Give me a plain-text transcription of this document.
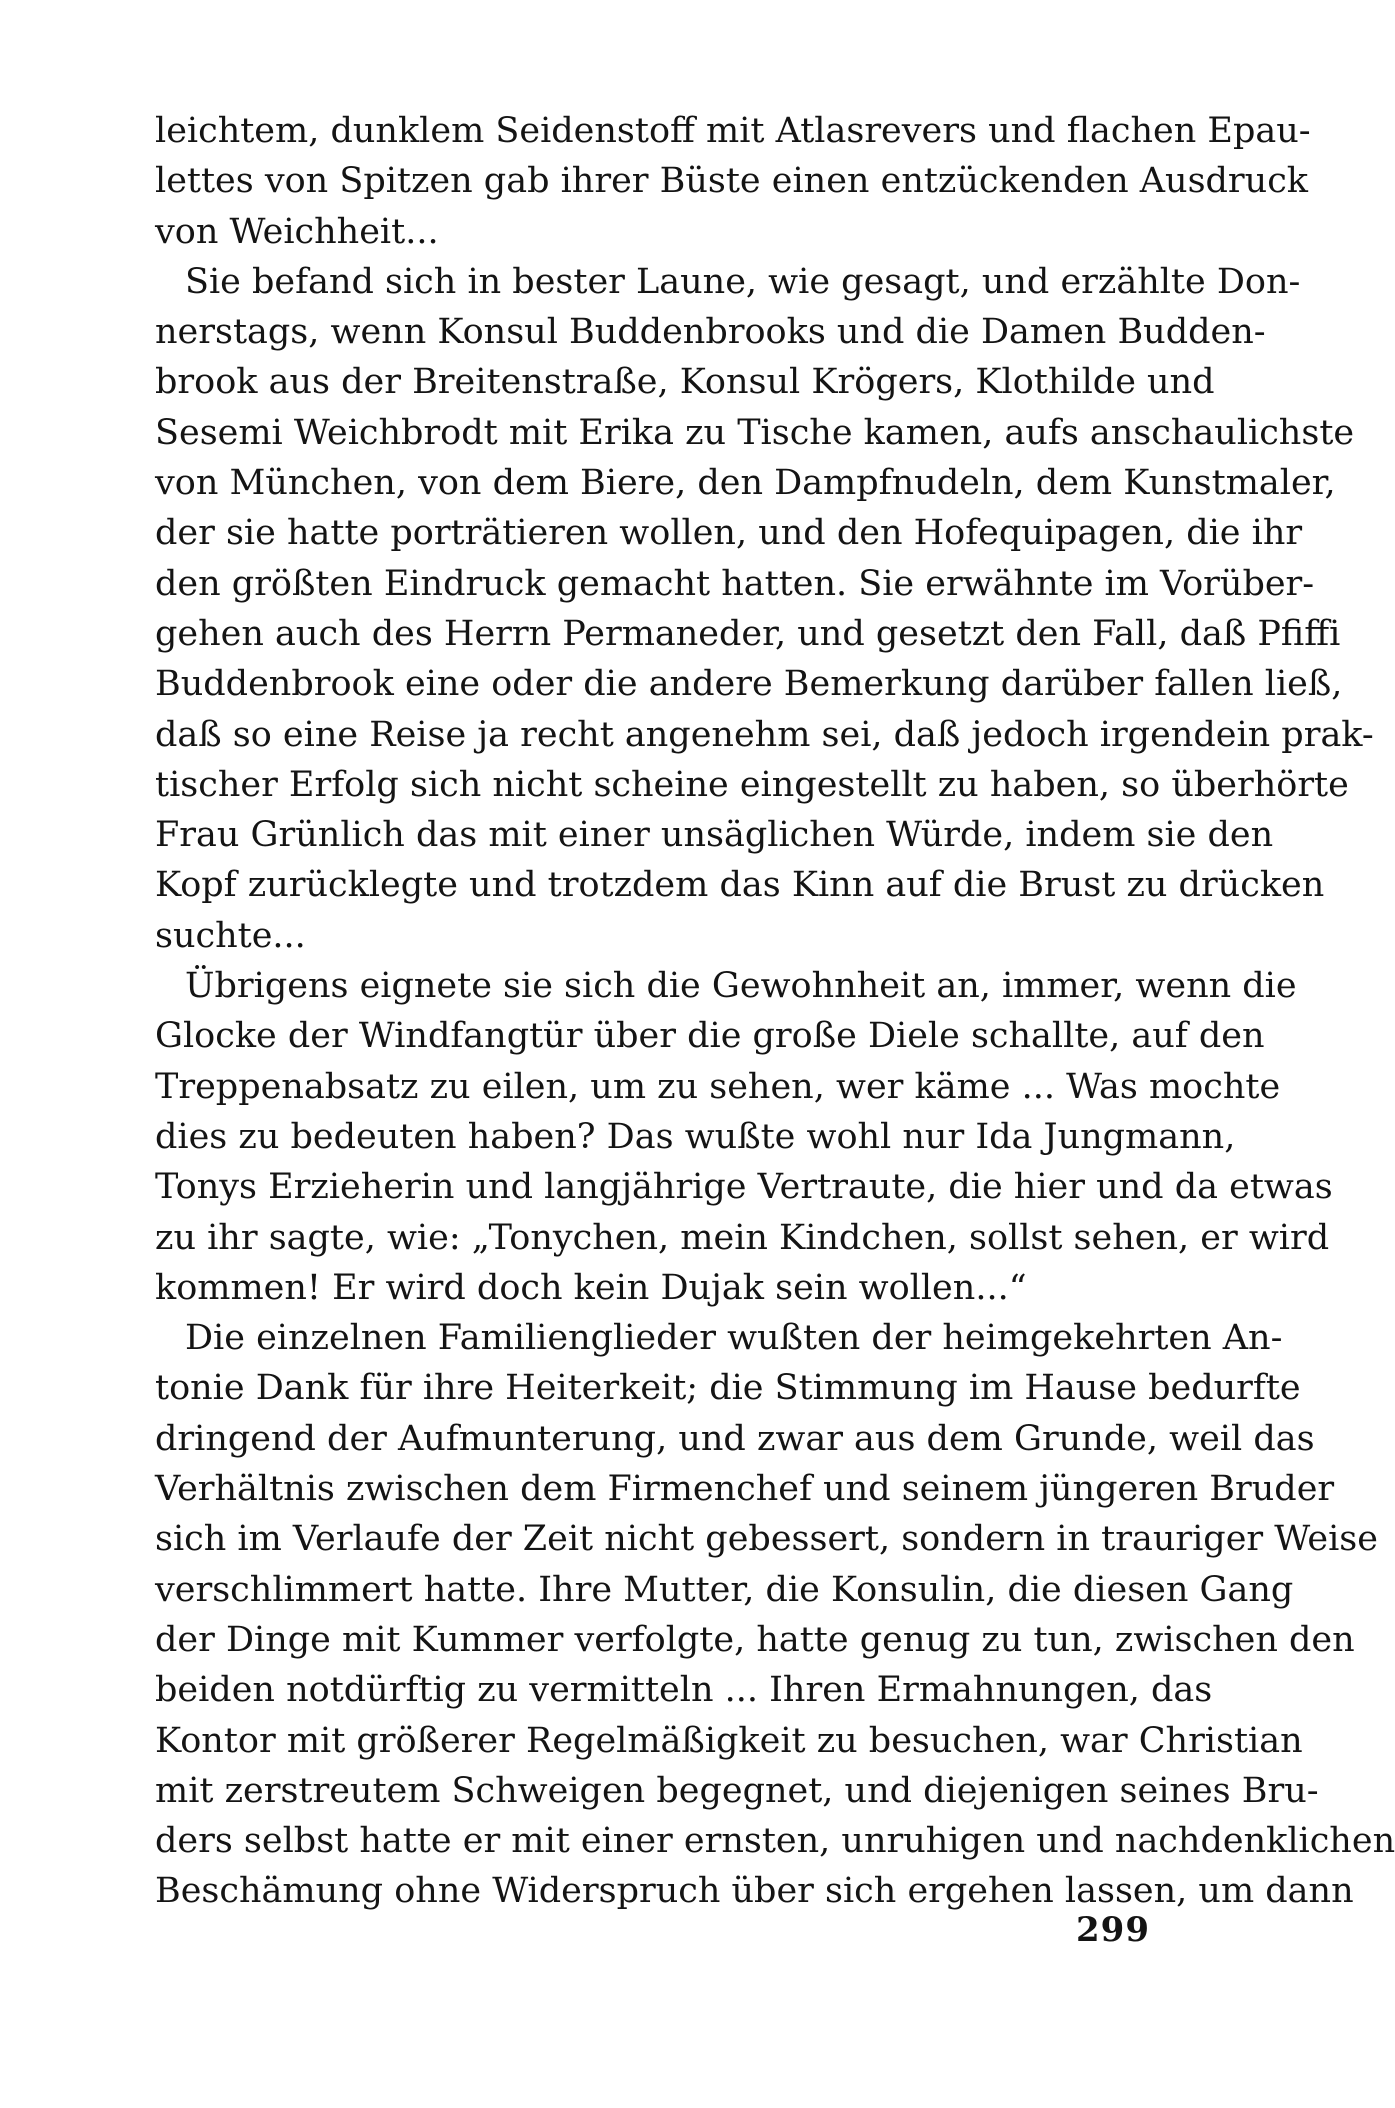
leichtem, dunklem Seidenstoff mit Atlasrevers und flachen Epau-
lettes von Spitzen gab ihrer Büste einen entzückenden Ausdruck
von Weichheit...
Sie befand sich in bester Laune, wie gesagt, und erzählte Don-
nerstags, wenn Konsul Buddenbrooks und die Damen Budden-
brook aus der Breitenstraße, Konsul Krögers, Klothilde und
Sesemi Weichbrodt mit Erika zu Tische kamen, aufs anschaulichste
von München, von dem Biere, den Dampfnudeln, dem Kunstmaler,
der sie hatte porträtieren wollen, und den Hofequipagen, die ihr
den größten Eindruck gemacht hatten. Sie erwähnte im Vorüber-
gehen auch des Herrn Permaneder, und gesetzt den Fall, daß Pfiffi
Buddenbrook eine oder die andere Bemerkung darüber fallen ließ,
daß so eine Reise ja recht angenehm sei, daß jedoch irgendein prak-
tischer Erfolg sich nicht scheine eingestellt zu haben, so überhörte
Frau Grünlich das mit einer unsäglichen Würde, indem sie den
Kopf zurücklegte und trotzdem das Kinn auf die Brust zu drücken
suchte...
Übrigens eignete sie sich die Gewohnheit an, immer, wenn die
Glocke der Windfangtür über die große Diele schallte, auf den
Treppenabsatz zu eilen, um zu sehen, wer käme ... Was mochte
dies zu bedeuten haben? Das wußte wohl nur Ida Jungmann,
Tonys Erzieherin und langjährige Vertraute, die hier und da etwas
zu ihr sagte, wie: „Tonychen, mein Kindchen, sollst sehen, er wird
kommen! Er wird doch kein Dujak sein wollen...“
Die einzelnen Familienglieder wußten der heimgekehrten An-
tonie Dank für ihre Heiterkeit; die Stimmung im Hause bedurfte
dringend der Aufmunterung, und zwar aus dem Grunde, weil das
Verhältnis zwischen dem Firmenchef und seinem jüngeren Bruder
sich im Verlaufe der Zeit nicht gebessert, sondern in trauriger Weise
verschlimmert hatte. Ihre Mutter, die Konsulin, die diesen Gang
der Dinge mit Kummer verfolgte, hatte genug zu tun, zwischen den
beiden notdürftig zu vermitteln ... Ihren Ermahnungen, das
Kontor mit größerer Regelmäßigkeit zu besuchen, war Christian
mit zerstreutem Schweigen begegnet, und diejenigen seines Bru-
ders selbst hatte er mit einer ernsten, unruhigen und nachdenklichen
Beschämung ohne Widerspruch über sich ergehen lassen, um dann
299
